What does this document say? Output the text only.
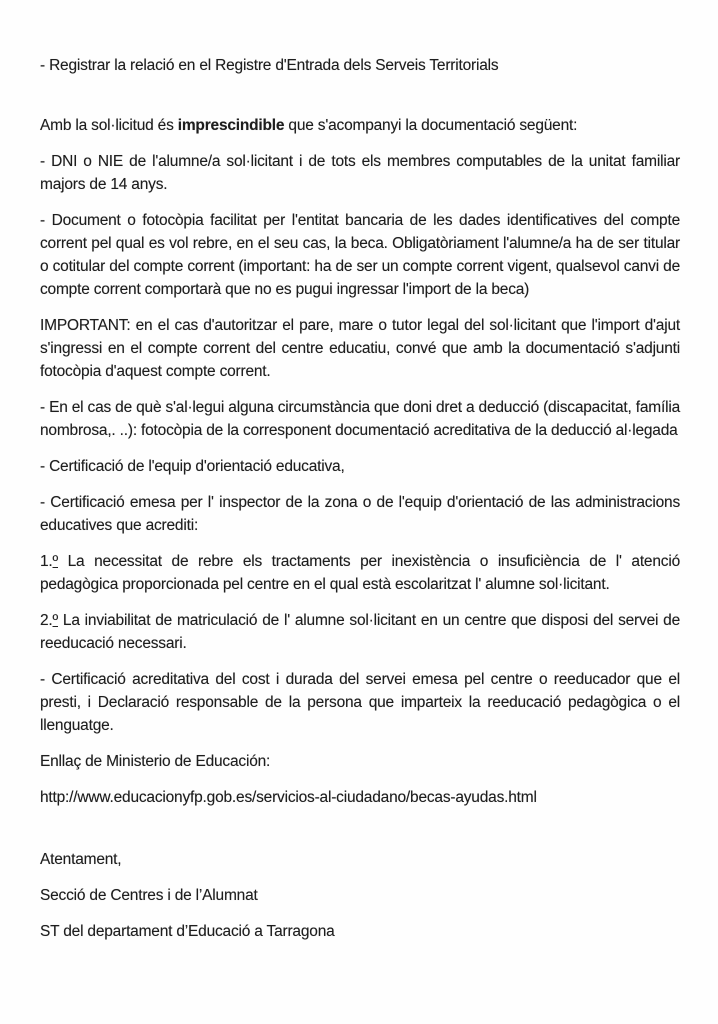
- Registrar la relació en el Registre d'Entrada dels Serveis Territorials

Amb la sol·licitud és imprescindible que s'acompanyi la documentació següent:

- DNI o NIE de l'alumne/a sol·licitant i de tots els membres computables de la unitat familiar majors de 14 anys.

- Document o fotocòpia facilitat per l'entitat bancaria de les dades identificatives del compte corrent pel qual es vol rebre, en el seu cas, la beca. Obligatòriament l'alumne/a ha de ser titular o cotitular del compte corrent (important: ha de ser un compte corrent vigent, qualsevol canvi de compte corrent comportarà que no es pugui ingressar l'import de la beca)

IMPORTANT: en el cas d'autoritzar el pare, mare o tutor legal del sol·licitant que l'import d'ajut s'ingressi en el compte corrent del centre educatiu, convé que amb la documentació s'adjunti fotocòpia d'aquest compte corrent.

- En el cas de què s'al·legui alguna circumstància que doni dret a deducció (discapacitat, família nombrosa,. ..): fotocòpia de la corresponent documentació acreditativa de la deducció al·legada

- Certificació de l'equip d'orientació educativa,

- Certificació emesa per l' inspector de la zona o de l'equip d'orientació de las administracions educatives que acrediti:

1.º La necessitat de rebre els tractaments per inexistència o insuficiència de l' atenció pedagògica proporcionada pel centre en el qual està escolaritzat l' alumne sol·licitant.

2.º La inviabilitat de matriculació de l' alumne sol·licitant en un centre que disposi del servei de reeducació necessari.

- Certificació acreditativa del cost i durada del servei emesa pel centre o reeducador que el presti, i Declaració responsable de la persona que imparteix la reeducació pedagògica o el llenguatge.

Enllaç de Ministerio de Educación:

http://www.educacionyfp.gob.es/servicios-al-ciudadano/becas-ayudas.html

Atentament,

Secció de Centres i de l’Alumnat

ST del departament d’Educació a Tarragona
